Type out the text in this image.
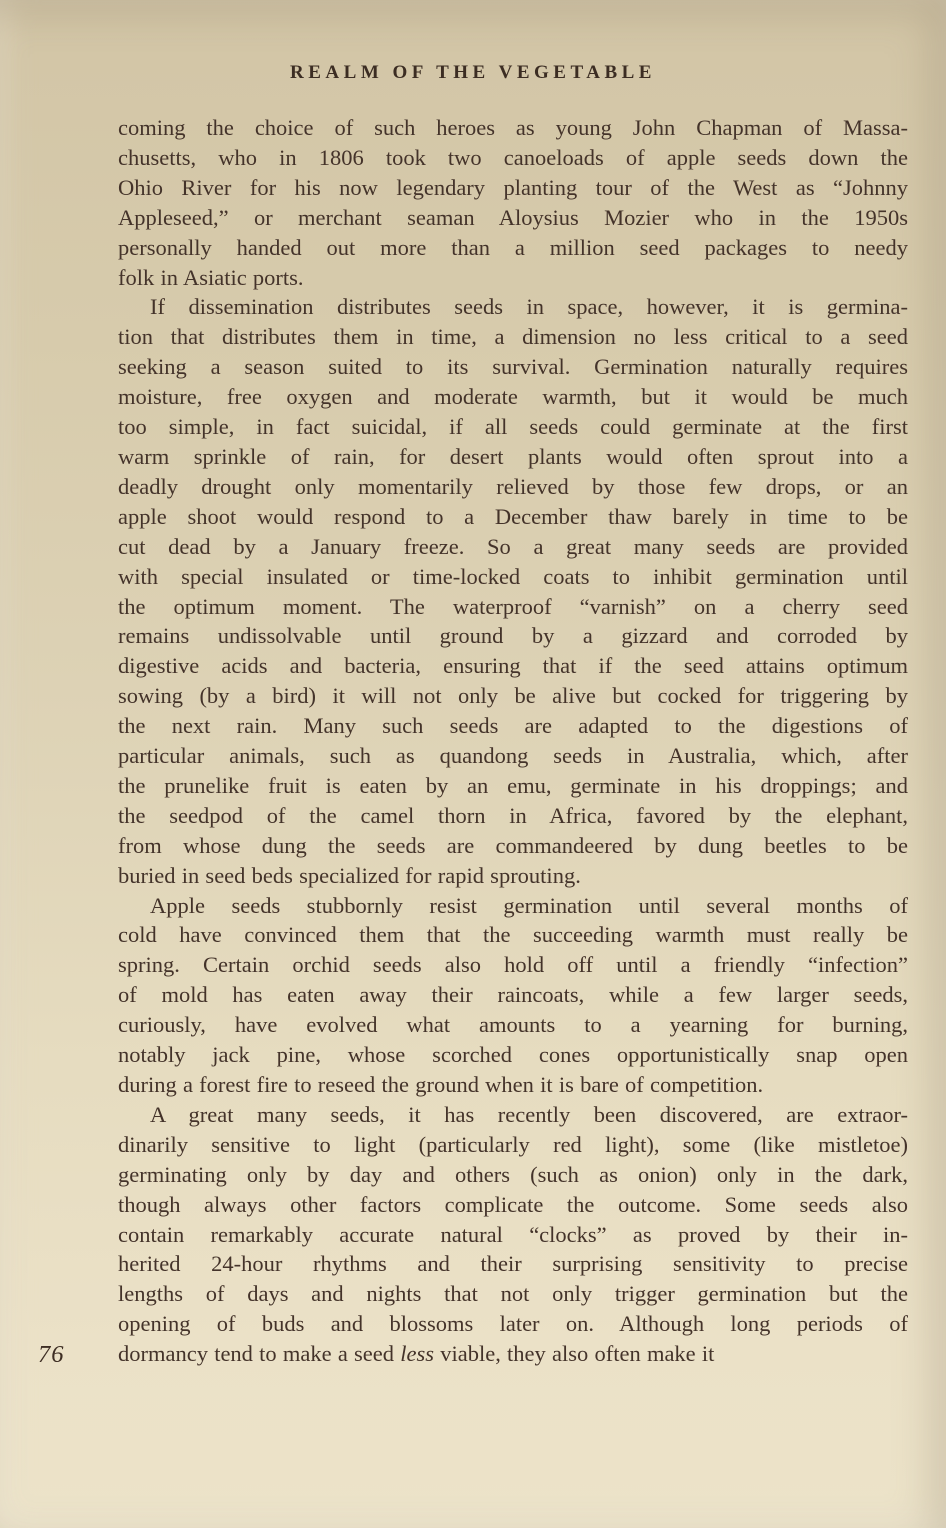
REALM OF THE VEGETABLE
coming the choice of such heroes as young John Chapman of Massa-
chusetts, who in 1806 took two canoeloads of apple seeds down the
Ohio River for his now legendary planting tour of the West as “Johnny
Appleseed,” or merchant seaman Aloysius Mozier who in the 1950s
personally handed out more than a million seed packages to needy
folk in Asiatic ports.
If dissemination distributes seeds in space, however, it is germina-
tion that distributes them in time, a dimension no less critical to a seed
seeking a season suited to its survival. Germination naturally requires
moisture, free oxygen and moderate warmth, but it would be much
too simple, in fact suicidal, if all seeds could germinate at the first
warm sprinkle of rain, for desert plants would often sprout into a
deadly drought only momentarily relieved by those few drops, or an
apple shoot would respond to a December thaw barely in time to be
cut dead by a January freeze. So a great many seeds are provided
with special insulated or time-locked coats to inhibit germination until
the optimum moment. The waterproof “varnish” on a cherry seed
remains undissolvable until ground by a gizzard and corroded by
digestive acids and bacteria, ensuring that if the seed attains optimum
sowing (by a bird) it will not only be alive but cocked for triggering by
the next rain. Many such seeds are adapted to the digestions of
particular animals, such as quandong seeds in Australia, which, after
the prunelike fruit is eaten by an emu, germinate in his droppings; and
the seedpod of the camel thorn in Africa, favored by the elephant,
from whose dung the seeds are commandeered by dung beetles to be
buried in seed beds specialized for rapid sprouting.
Apple seeds stubbornly resist germination until several months of
cold have convinced them that the succeeding warmth must really be
spring. Certain orchid seeds also hold off until a friendly “infection”
of mold has eaten away their raincoats, while a few larger seeds,
curiously, have evolved what amounts to a yearning for burning,
notably jack pine, whose scorched cones opportunistically snap open
during a forest fire to reseed the ground when it is bare of competition.
A great many seeds, it has recently been discovered, are extraor-
dinarily sensitive to light (particularly red light), some (like mistletoe)
germinating only by day and others (such as onion) only in the dark,
though always other factors complicate the outcome. Some seeds also
contain remarkably accurate natural “clocks” as proved by their in-
herited 24-hour rhythms and their surprising sensitivity to precise
lengths of days and nights that not only trigger germination but the
opening of buds and blossoms later on. Although long periods of
dormancy tend to make a seed less viable, they also often make it
76
